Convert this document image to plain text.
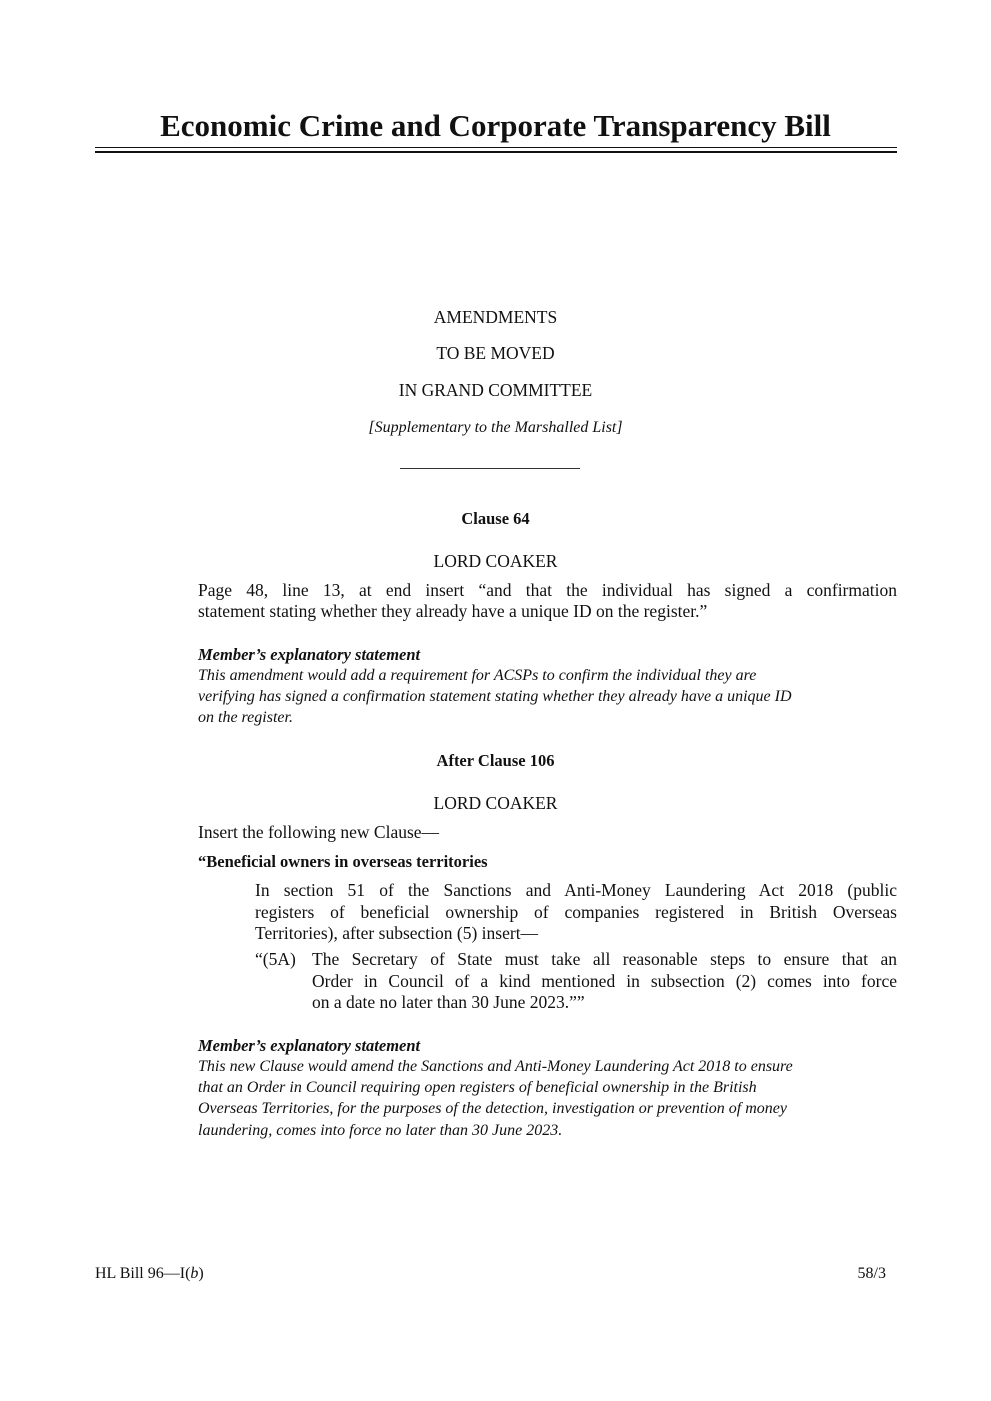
Economic Crime and Corporate Transparency Bill
AMENDMENTS
TO BE MOVED
IN GRAND COMMITTEE
[Supplementary to the Marshalled List]
Clause 64
LORD COAKER
Page 48, line 13, at end insert “and that the individual has signed a confirmation
statement stating whether they already have a unique ID on the register.”
Member’s explanatory statement
This amendment would add a requirement for ACSPs to confirm the individual they are
verifying has signed a confirmation statement stating whether they already have a unique ID
on the register.
After Clause 106
LORD COAKER
Insert the following new Clause—
“Beneficial owners in overseas territories
In section 51 of the Sanctions and Anti-Money Laundering Act 2018 (public
registers of beneficial ownership of companies registered in British Overseas
Territories), after subsection (5) insert—
“(5A) The Secretary of State must take all reasonable steps to ensure that an
Order in Council of a kind mentioned in subsection (2) comes into force
on a date no later than 30 June 2023.””
Member’s explanatory statement
This new Clause would amend the Sanctions and Anti-Money Laundering Act 2018 to ensure
that an Order in Council requiring open registers of beneficial ownership in the British
Overseas Territories, for the purposes of the detection, investigation or prevention of money
laundering, comes into force no later than 30 June 2023.
HL Bill 96—I(b)	58/3
